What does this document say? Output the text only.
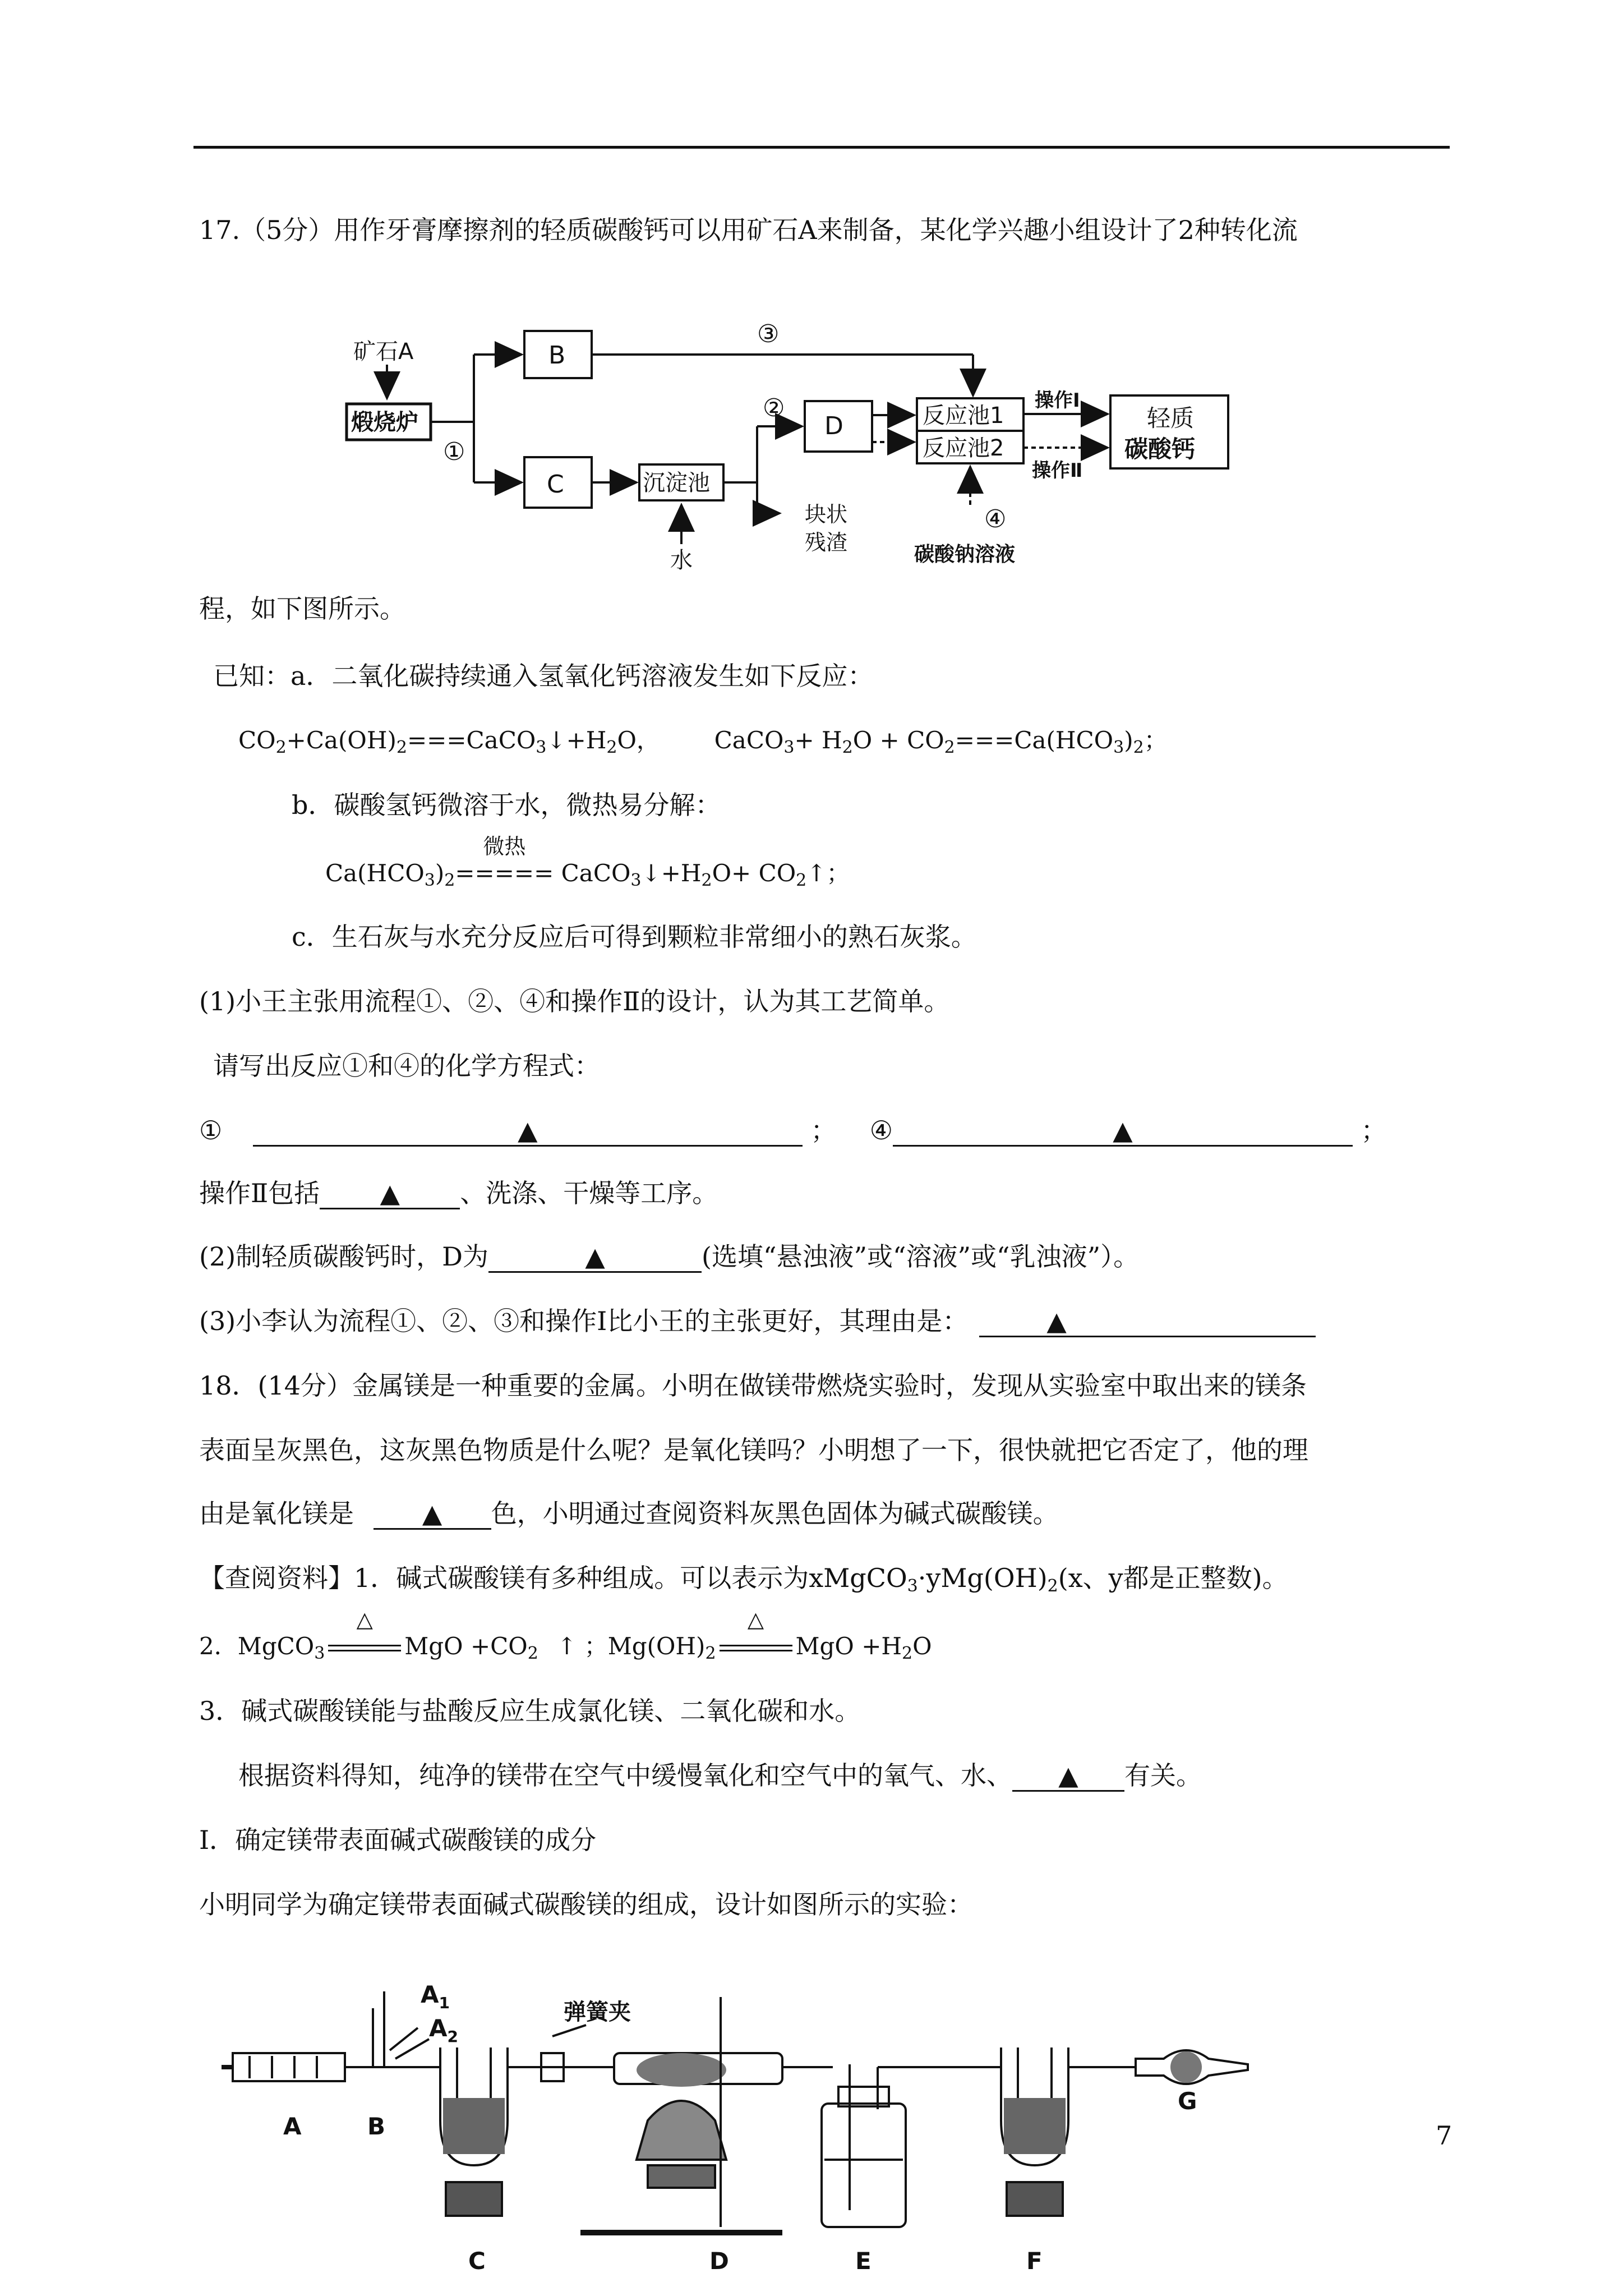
17.（5分）用作牙膏摩擦剂的轻质碳酸钙可以用矿石A来制备，某化学兴趣小组设计了2种转化流
矿石A
煅烧炉
①
B
③
C	沉淀池
水
②
块状
残渣
D	反应池1
反应池2
操作Ⅰ
操作Ⅱ
④
碳酸钠溶液
轻质
碳酸钙
程，如下图所示。
已知：a．二氧化碳持续通入氢氧化钙溶液发生如下反应：
$CO_2+Ca(OH)_2===CaCO_3↓+H_2O$， CaCO$_3$+ $H_2O + CO_2===Ca(HCO_3)_2$；
b．碳酸氢钙微溶于水，微热易分解：
$Ca(HCO_3)_2$
微热
===== $CaCO_3↓+H_2O+$ $CO_2↑$；
c．生石灰与水充分反应后可得到颗粒非常细小的熟石灰浆。
(1)小王主张用流程①、②、④和操作Ⅱ的设计，认为其工艺简单。
请写出反应①和④的化学方程式：
①	▲	； ④	▲	；
操作Ⅱ包括 ▲ 、洗涤、干燥等工序。
(2)制轻质碳酸钙时，D为	▲	(选填“悬浊液”或“溶液”或“乳浊液”）。
(3)小李认为流程①、②、③和操作Ⅰ比小王的主张更好，其理由是：	▲
18．(14分）金属镁是一种重要的金属。小明在做镁带燃烧实验时，发现从实验室中取出来的镁条
表面呈灰黑色，这灰黑色物质是什么呢？是氧化镁吗？小明想了一下，很快就把它否定了，他的理
由是氧化镁是	▲ 色，小明通过查阅资料灰黑色固体为碱式碳酸镁。
【查阅资料】1．碱式碳酸镁有多种组成。可以表示为$xMgCO_3\cdot yMg(OH)_2(x$、y都是正整数)。
2．MgCO$_3$
△
MgO $+CO_2$ ↑ ；$Mg(OH)_2$
△
MgO $+H_2O$
3．碱式碳酸镁能与盐酸反应生成氯化镁、二氧化碳和水。
根据资料得知，纯净的镁带在空气中缓慢氧化和空气中的氧气、水、 ▲ 有关。
Ⅰ．确定镁带表面碱式碳酸镁的成分
小明同学为确定镁带表面碱式碳酸镁的组成，设计如图所示的实验：
A	B
$A_1$
$A_2$
弹簧夹
C	D	E	F
G
7
